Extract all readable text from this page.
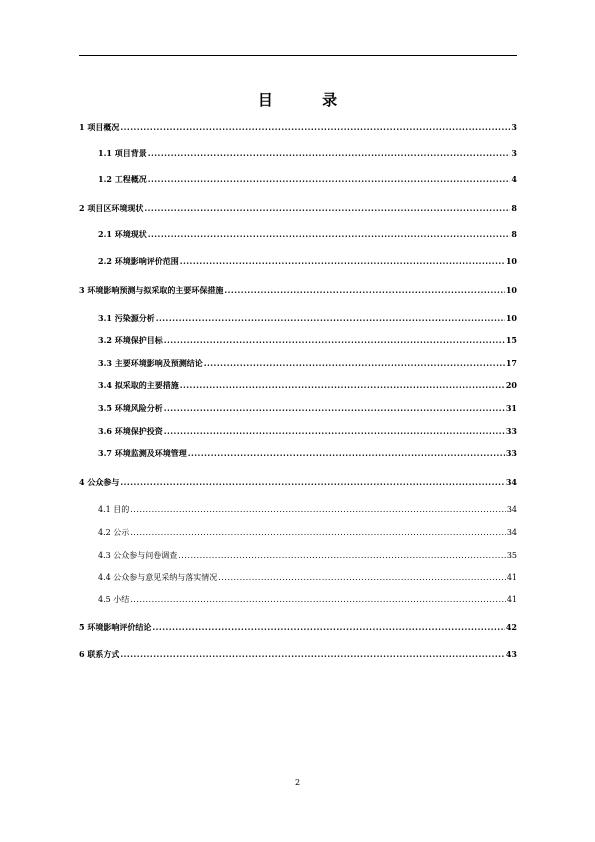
目 录
1 项目概况 .....	3
1.1 项目背景 .....	3
1.2 工程概况 .....	4
2 项目区环境现状 .....	8
2.1 环境现状 .....	8
2.2 环境影响评价范围 .....	10
3 环境影响预测与拟采取的主要环保措施 .....	10
3.1 污染源分析 .....	10
3.2 环境保护目标 .....	15
3.3 主要环境影响及预测结论 .....	17
3.4 拟采取的主要措施 .....	20
3.5 环境风险分析 .....	31
3.6 环境保护投资 .....	33
3.7 环境监测及环境管理 .....	33
4 公众参与 .....	34
4.1 目的 .....	34
4.2 公示 .....	34
4.3 公众参与问卷调查 .....	35
4.4 公众参与意见采纳与落实情况 .....	41
4.5 小结 .....	41
5 环境影响评价结论 .....	42
6 联系方式 .....	43
2
